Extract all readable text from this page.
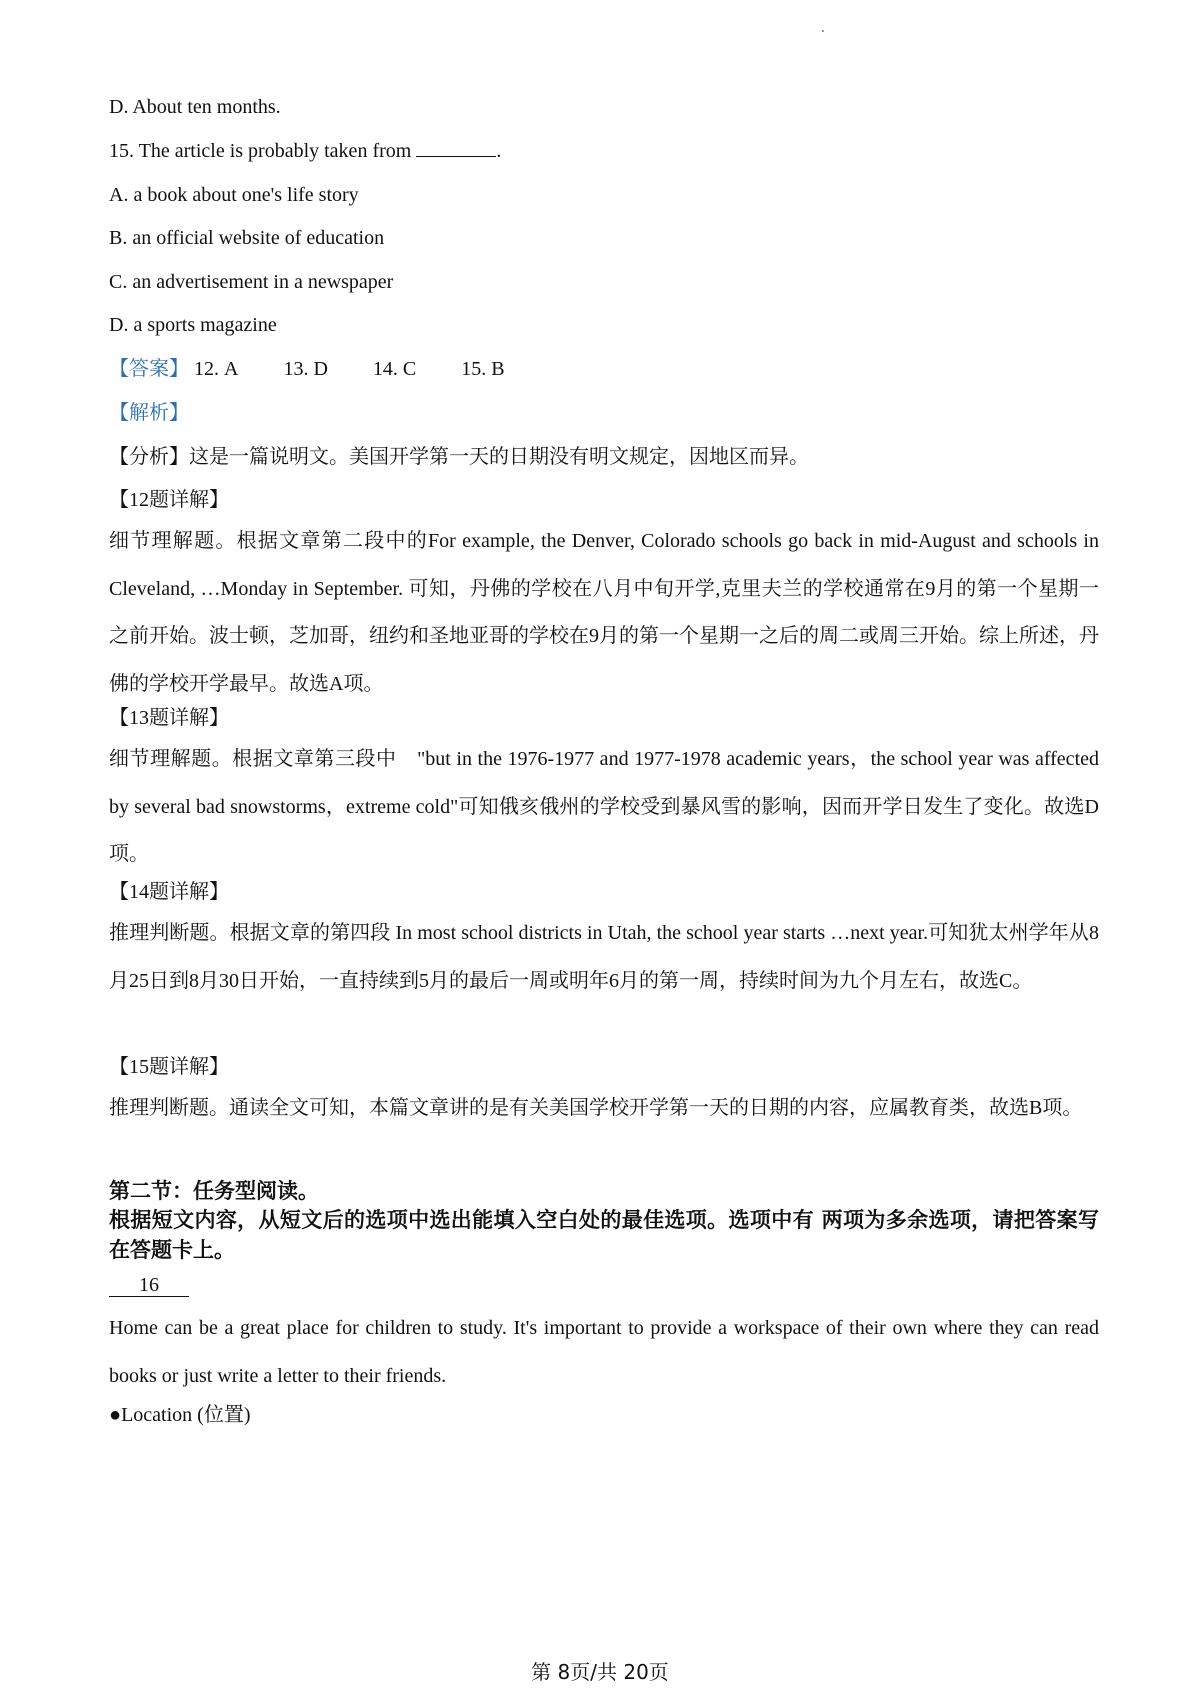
D. About ten months.
15. The article is probably taken from	.
A. a book about one's life story
B. an official website of education
C. an advertisement in a newspaper
D. a sports magazine
【答案】 12. A 13. D 14. C 15. B
【解析】
【分析】这是一篇说明文。美国开学第一天的日期没有明文规定，因地区而异。
【12题详解】
细节理解题。根据文章第二段中的For example, the Denver, Colorado schools go back in mid-August and schools in Cleveland, …Monday in September. 可知，丹佛的学校在八月中旬开学,克里夫兰的学校通常在9月的第一个星期一之前开始。波士顿，芝加哥，纽约和圣地亚哥的学校在9月的第一个星期一之后的周二或周三开始。综上所述，丹佛的学校开学最早。故选A项。
【13题详解】
细节理解题。根据文章第三段中　"but in the 1976-1977 and 1977-1978 academic years，the school year was affected by several bad snowstorms，extreme cold"可知俄亥俄州的学校受到暴风雪的影响，因而开学日发生了变化。故选D项。
【14题详解】
推理判断题。根据文章的第四段 In most school districts in Utah, the school year starts …next year.可知犹太州学年从8月25日到8月30日开始，一直持续到5月的最后一周或明年6月的第一周，持续时间为九个月左右，故选C。
【15题详解】
推理判断题。通读全文可知，本篇文章讲的是有关美国学校开学第一天的日期的内容，应属教育类，故选B项。
第二节：任务型阅读。
根据短文内容，从短文后的选项中选出能填入空白处的最佳选项。选项中有 两项为多余选项，请把答案写在答题卡上。
16
Home can be a great place for children to study. It's important to provide a workspace of their own where they can read books or just write a letter to their friends.
●Location (位置)
第 8页/共 20页
